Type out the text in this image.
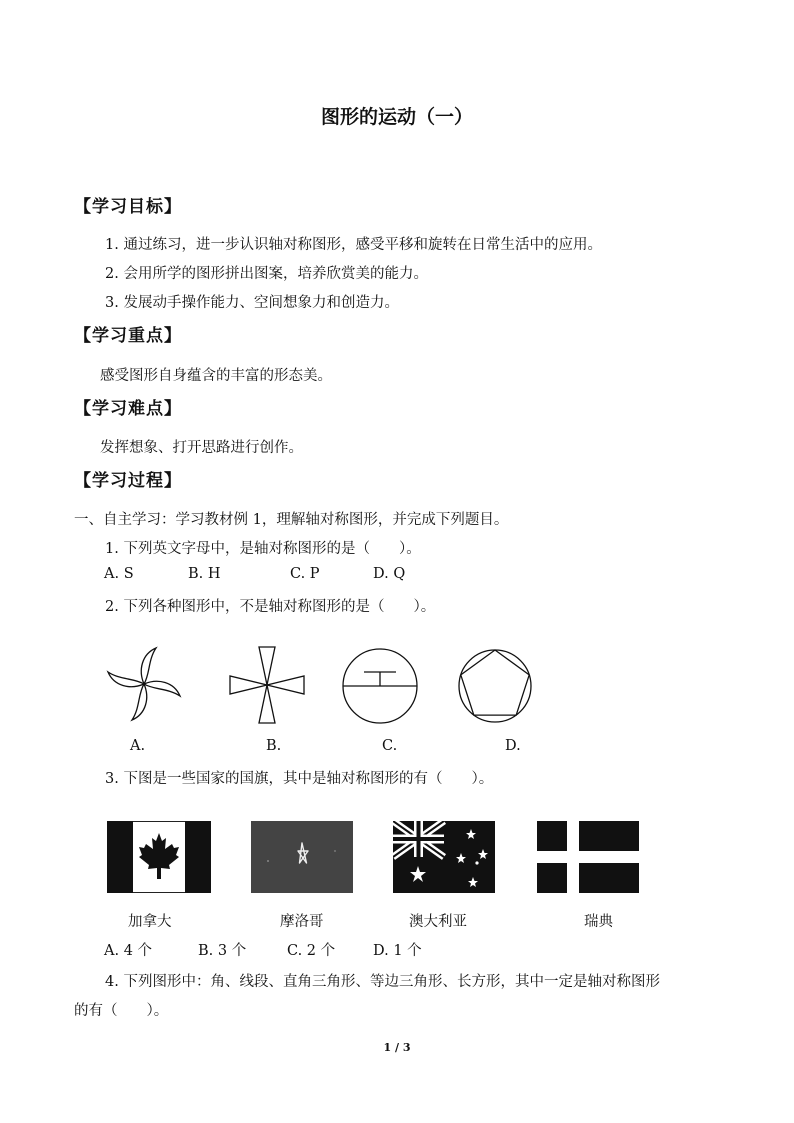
图形的运动（一）
【学习目标】
1. 通过练习，进一步认识轴对称图形，感受平移和旋转在日常生活中的应用。
2. 会用所学的图形拼出图案，培养欣赏美的能力。
3. 发展动手操作能力、空间想象力和创造力。
【学习重点】
感受图形自身蕴含的丰富的形态美。
【学习难点】
发挥想象、打开思路进行创作。
【学习过程】
一、自主学习：学习教材例 1，理解轴对称图形，并完成下列题目。
1. 下列英文字母中，是轴对称图形的是（　　）。
A. S	B. H	C. P	D. Q
2. 下列各种图形中，不是轴对称图形的是（　　）。
A.	B.	C.	D.
3. 下图是一些国家的国旗，其中是轴对称图形的有（　　）。
加拿大	摩洛哥	澳大利亚	瑞典
A. 4 个	B. 3 个	C. 2 个	D. 1 个
4. 下列图形中：角、线段、直角三角形、等边三角形、长方形，其中一定是轴对称图形
的有（　　）。
1 / 3
